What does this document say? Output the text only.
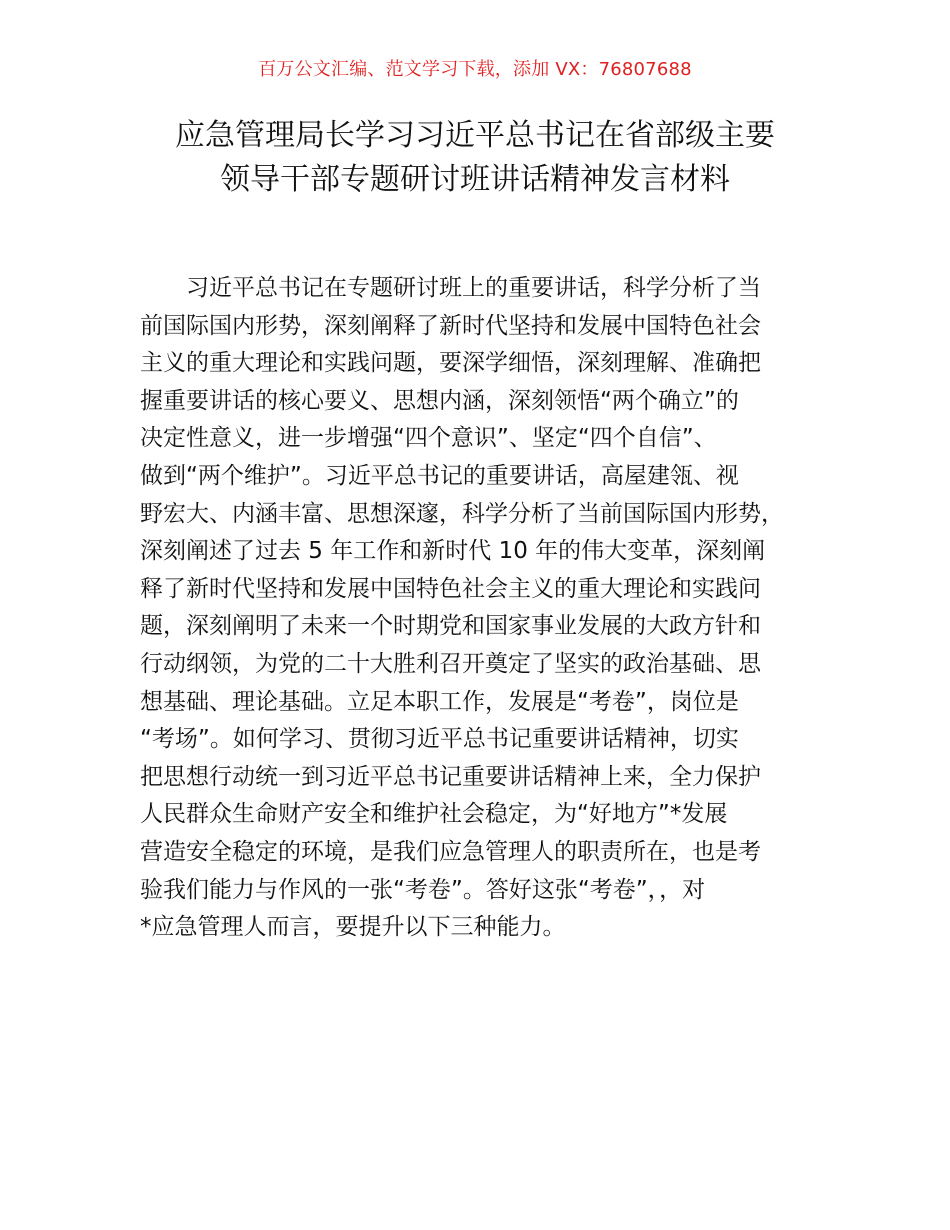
百万公文汇编、范文学习下载，添加 VX：76807688
应急管理局长学习习近平总书记在省部级主要
领导干部专题研讨班讲话精神发言材料
习近平总书记在专题研讨班上的重要讲话，科学分析了当
前国际国内形势，深刻阐释了新时代坚持和发展中国特色社会
主义的重大理论和实践问题，要深学细悟，深刻理解、准确把
握重要讲话的核心要义、思想内涵，深刻领悟“两个确立”的
决定性意义，进一步增强“四个意识”、坚定“四个自信”、
做到“两个维护”。习近平总书记的重要讲话，高屋建瓴、视
野宏大、内涵丰富、思想深邃，科学分析了当前国际国内形势，
深刻阐述了过去 5 年工作和新时代 10 年的伟大变革，深刻阐
释了新时代坚持和发展中国特色社会主义的重大理论和实践问
题，深刻阐明了未来一个时期党和国家事业发展的大政方针和
行动纲领，为党的二十大胜利召开奠定了坚实的政治基础、思
想基础、理论基础。立足本职工作，发展是“考卷”，岗位是
“考场”。如何学习、贯彻习近平总书记重要讲话精神，切实
把思想行动统一到习近平总书记重要讲话精神上来，全力保护
人民群众生命财产安全和维护社会稳定，为“好地方”*发展
营造安全稳定的环境，是我们应急管理人的职责所在，也是考
验我们能力与作风的一张“考卷”。答好这张“考卷”，，对
*应急管理人而言，要提升以下三种能力。
